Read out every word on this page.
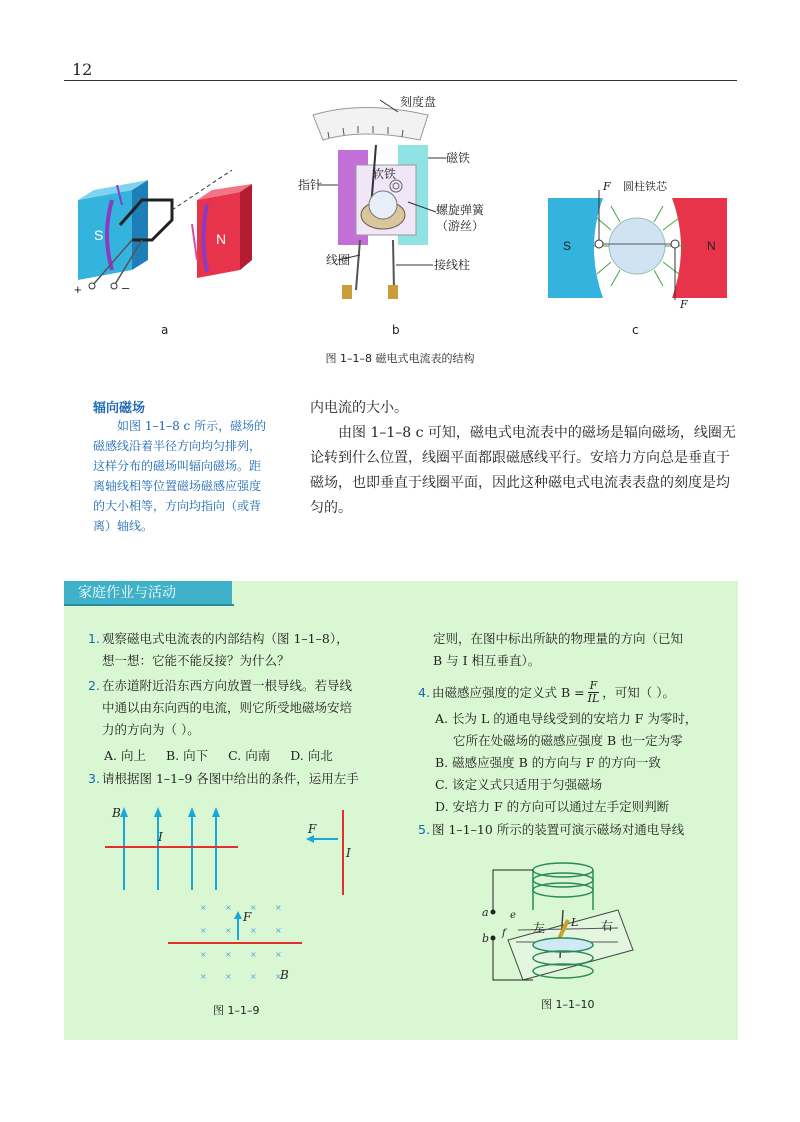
12
S	N
+	–
刻度盘
磁铁
指针
软铁
螺旋弹簧
（游丝）
线圈	接线柱
F 圆柱铁芯
S	N
F
a	b	c
图 1–1–8 磁电式电流表的结构
辐向磁场
如图 1–1–8 c 所示，磁场的磁感线沿着半径方向均匀排列，这样分布的磁场叫辐向磁场。距离轴线相等位置磁场磁感应强度的大小相等，方向均指向（或背离）轴线。

内电流的大小。

由图 1–1–8 c 可知，磁电式电流表中的磁场是辐向磁场，线圈无论转到什么位置，线圈平面都跟磁感线平行。安培力方向总是垂直于磁场，也即垂直于线圈平面，因此这种磁电式电流表表盘的刻度是均匀的。

家庭作业与活动
1. 观察磁电式电流表的内部结构（图 1–1–8），
想一想：它能不能反接？为什么？
2. 在赤道附近沿东西方向放置一根导线。若导线
中通以由东向西的电流，则它所受地磁场安培
力的方向为（ ）。
A. 向上 B. 向下 C. 向南 D. 向北
3. 请根据图 1–1–9 各图中给出的条件，运用左手
B
I
F
I
× × × ×
× × × ×
× × × ×
× × × ×
F
B
图 1–1–9
定则，在图中标出所缺的物理量的方向（已知
B 与 I 相互垂直）。
4. 由磁感应强度的定义式 $B = \frac{F}{IL}$ ，可知（ ）。
A. 长为 L 的通电导线受到的安培力 F 为零时，
它所在处磁场的磁感应强度 B 也一定为零
B. 磁感应强度 B 的方向与 F 的方向一致
C. 该定义式只适用于匀强磁场
D. 安培力 F 的方向可以通过左手定则判断
5. 图 1–1–10 所示的装置可演示磁场对通电导线
a
b
e
f
L
左	右
图 1–1–10
